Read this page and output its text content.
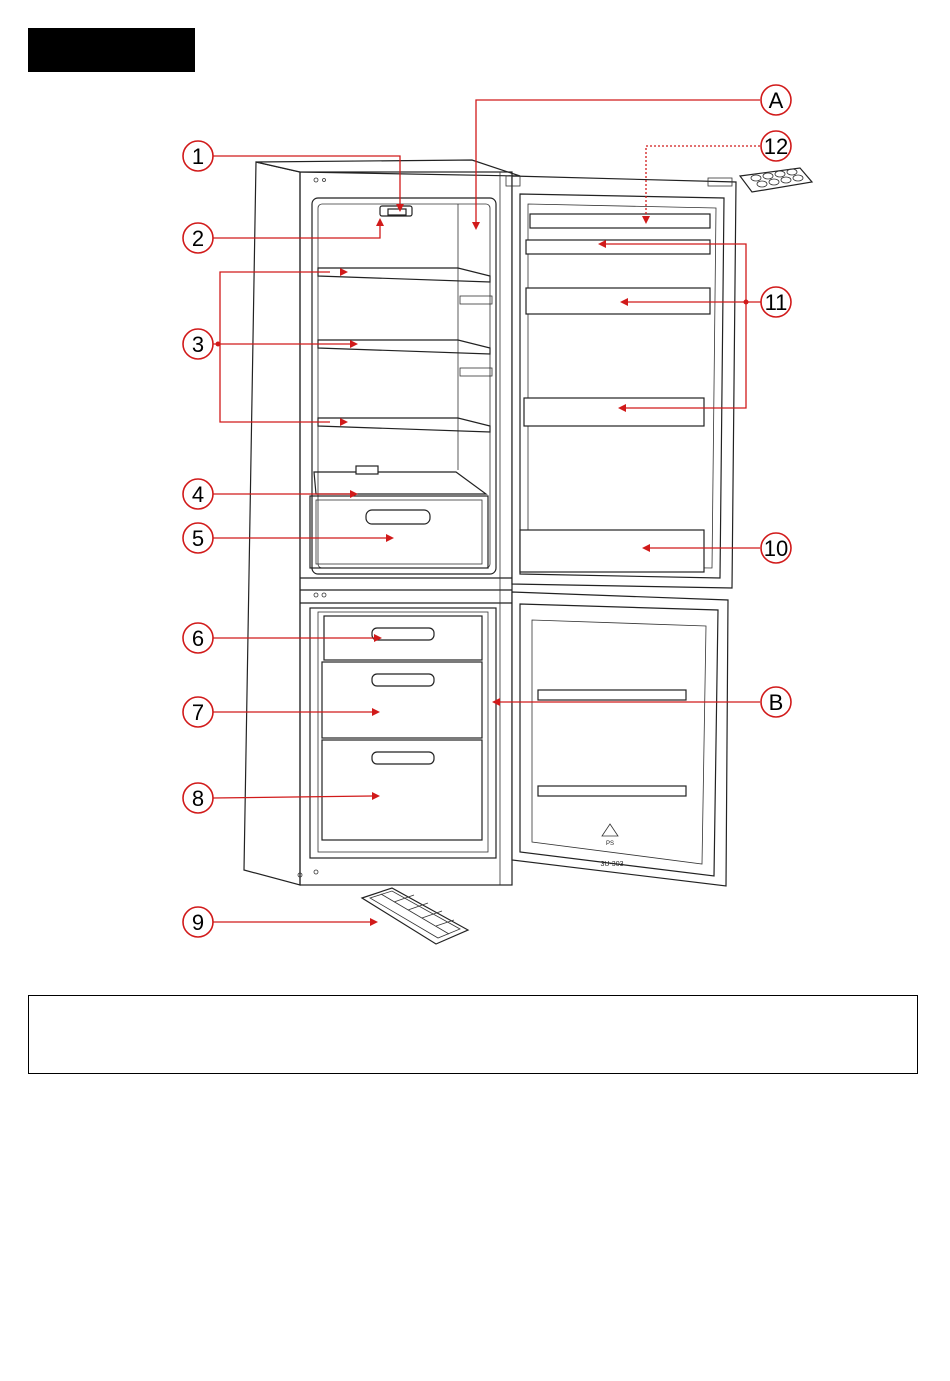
PS
3U-303
1
2
3
4
5
6
7
8
9
10
11
12
A
B
